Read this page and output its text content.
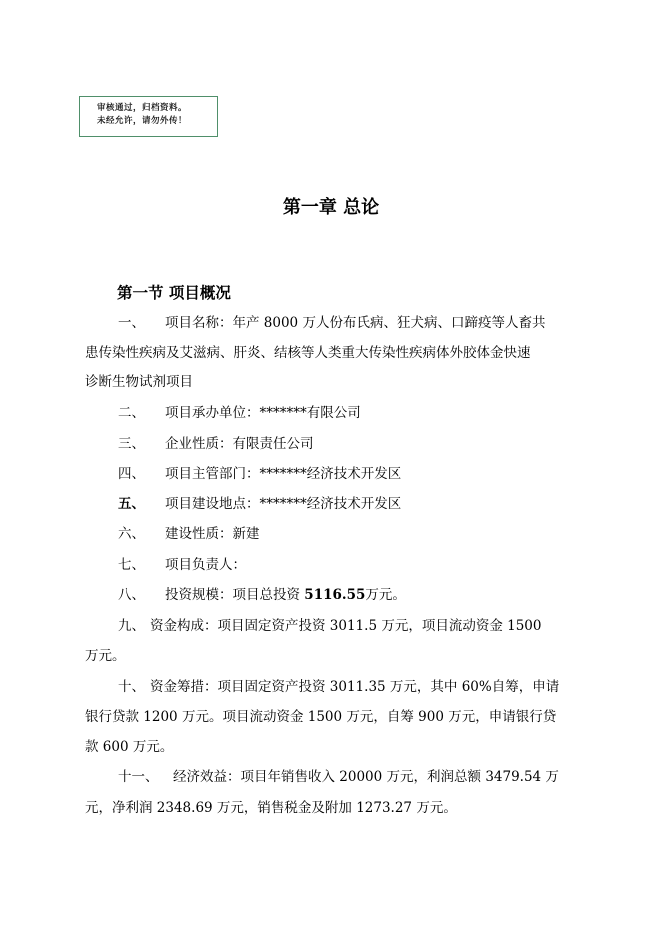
审核通过，归档资料。
未经允许，请勿外传！
第一章 总论
第一节 项目概况
一、 项目名称：年产 8000 万人份布氏病、狂犬病、口蹄疫等人畜共
患传染性疾病及艾滋病、肝炎、结核等人类重大传染性疾病体外胶体金快速
诊断生物试剂项目
二、 项目承办单位：*******有限公司
三、 企业性质：有限责任公司
四、 项目主管部门：*******经济技术开发区
五、 项目建设地点：*******经济技术开发区
六、 建设性质：新建
七、 项目负责人：
八、 投资规模：项目总投资 5116.55万元。
九、 资金构成：项目固定资产投资 3011.5 万元，项目流动资金 1500
万元。
十、 资金筹措：项目固定资产投资 3011.35 万元，其中 60%自筹，申请
银行贷款 1200 万元。项目流动资金 1500 万元，自筹 900 万元，申请银行贷
款 600 万元。
十一、 经济效益：项目年销售收入 20000 万元，利润总额 3479.54 万
元，净利润 2348.69 万元，销售税金及附加 1273.27 万元。
